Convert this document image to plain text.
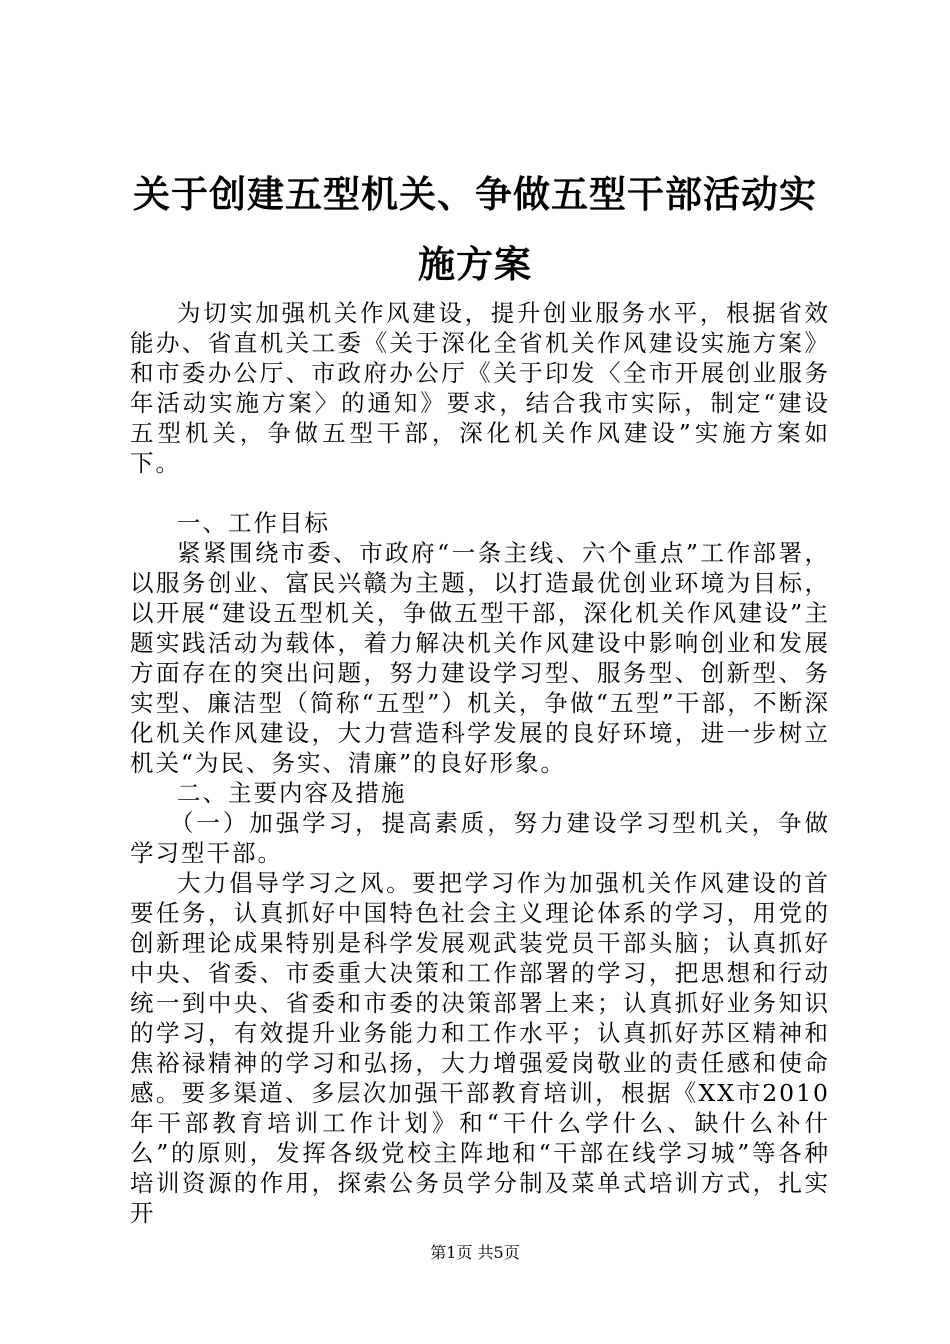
关于创建五型机关、争做五型干部活动实施方案

为切实加强机关作风建设，提升创业服务水平，根据省效能办、省直机关工委《关于深化全省机关作风建设实施方案》和市委办公厅、市政府办公厅《关于印发〈全市开展创业服务年活动实施方案〉的通知》要求，结合我市实际，制定“建设五型机关，争做五型干部，深化机关作风建设”实施方案如下。

一、工作目标

紧紧围绕市委、市政府“一条主线、六个重点”工作部署，以服务创业、富民兴赣为主题，以打造最优创业环境为目标，以开展“建设五型机关，争做五型干部，深化机关作风建设”主题实践活动为载体，着力解决机关作风建设中影响创业和发展方面存在的突出问题，努力建设学习型、服务型、创新型、务实型、廉洁型（简称“五型”）机关，争做“五型”干部，不断深化机关作风建设，大力营造科学发展的良好环境，进一步树立机关“为民、务实、清廉”的良好形象。

二、主要内容及措施

（一）加强学习，提高素质，努力建设学习型机关，争做学习型干部。

大力倡导学习之风。要把学习作为加强机关作风建设的首要任务，认真抓好中国特色社会主义理论体系的学习，用党的创新理论成果特别是科学发展观武装党员干部头脑；认真抓好中央、省委、市委重大决策和工作部署的学习，把思想和行动统一到中央、省委和市委的决策部署上来；认真抓好业务知识的学习，有效提升业务能力和工作水平；认真抓好苏区精神和焦裕禄精神的学习和弘扬，大力增强爱岗敬业的责任感和使命感。要多渠道、多层次加强干部教育培训，根据《XX市2010年干部教育培训工作计划》和“干什么学什么、缺什么补什么”的原则，发挥各级党校主阵地和“干部在线学习城”等各种培训资源的作用，探索公务员学分制及菜单式培训方式，扎实开

第1页 共5页
